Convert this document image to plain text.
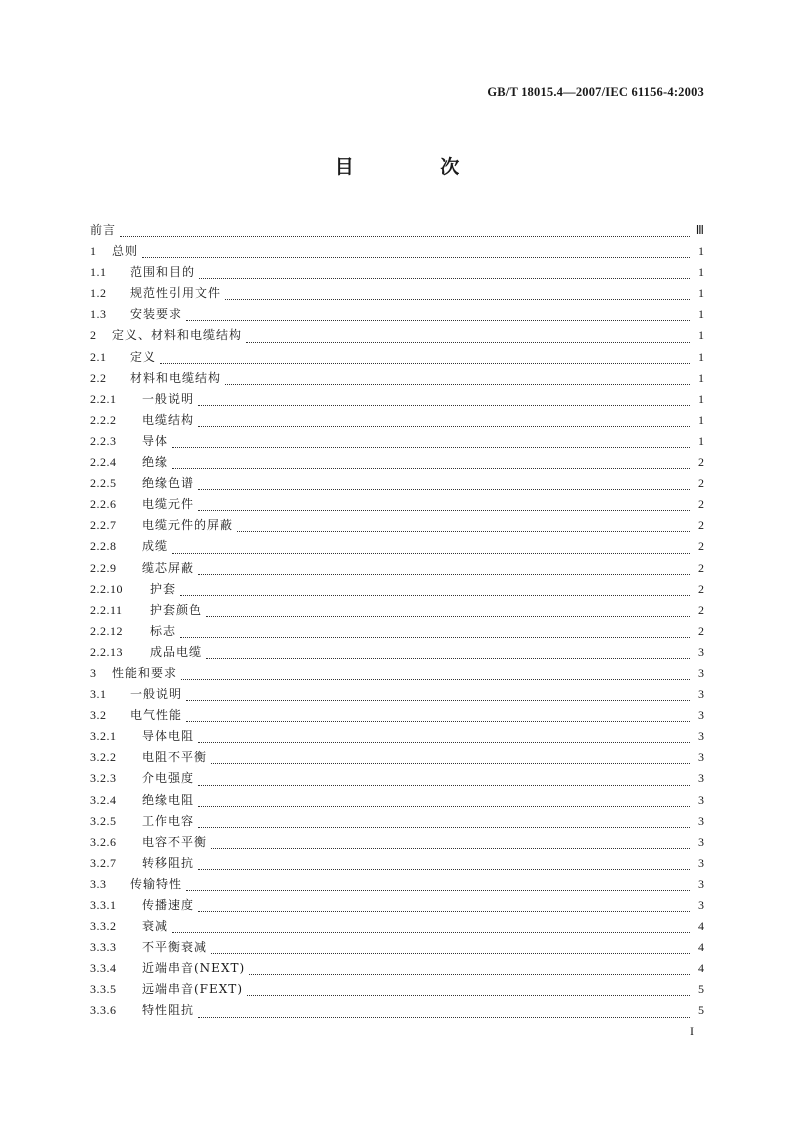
GB/T 18015.4—2007/IEC 61156-4:2003
目 次
前言	Ⅲ
1	总则	1
1.1	范围和目的	1
1.2	规范性引用文件	1
1.3	安装要求	1
2	定义、材料和电缆结构	1
2.1	定义	1
2.2	材料和电缆结构	1
2.2.1	一般说明	1
2.2.2	电缆结构	1
2.2.3	导体	1
2.2.4	绝缘	2
2.2.5	绝缘色谱	2
2.2.6	电缆元件	2
2.2.7	电缆元件的屏蔽	2
2.2.8	成缆	2
2.2.9	缆芯屏蔽	2
2.2.10	护套	2
2.2.11	护套颜色	2
2.2.12	标志	2
2.2.13	成品电缆	3
3	性能和要求	3
3.1	一般说明	3
3.2	电气性能	3
3.2.1	导体电阻	3
3.2.2	电阻不平衡	3
3.2.3	介电强度	3
3.2.4	绝缘电阻	3
3.2.5	工作电容	3
3.2.6	电容不平衡	3
3.2.7	转移阻抗	3
3.3	传输特性	3
3.3.1	传播速度	3
3.3.2	衰减	4
3.3.3	不平衡衰减	4
3.3.4	近端串音(NEXT)	4
3.3.5	远端串音(FEXT)	5
3.3.6	特性阻抗	5
I
